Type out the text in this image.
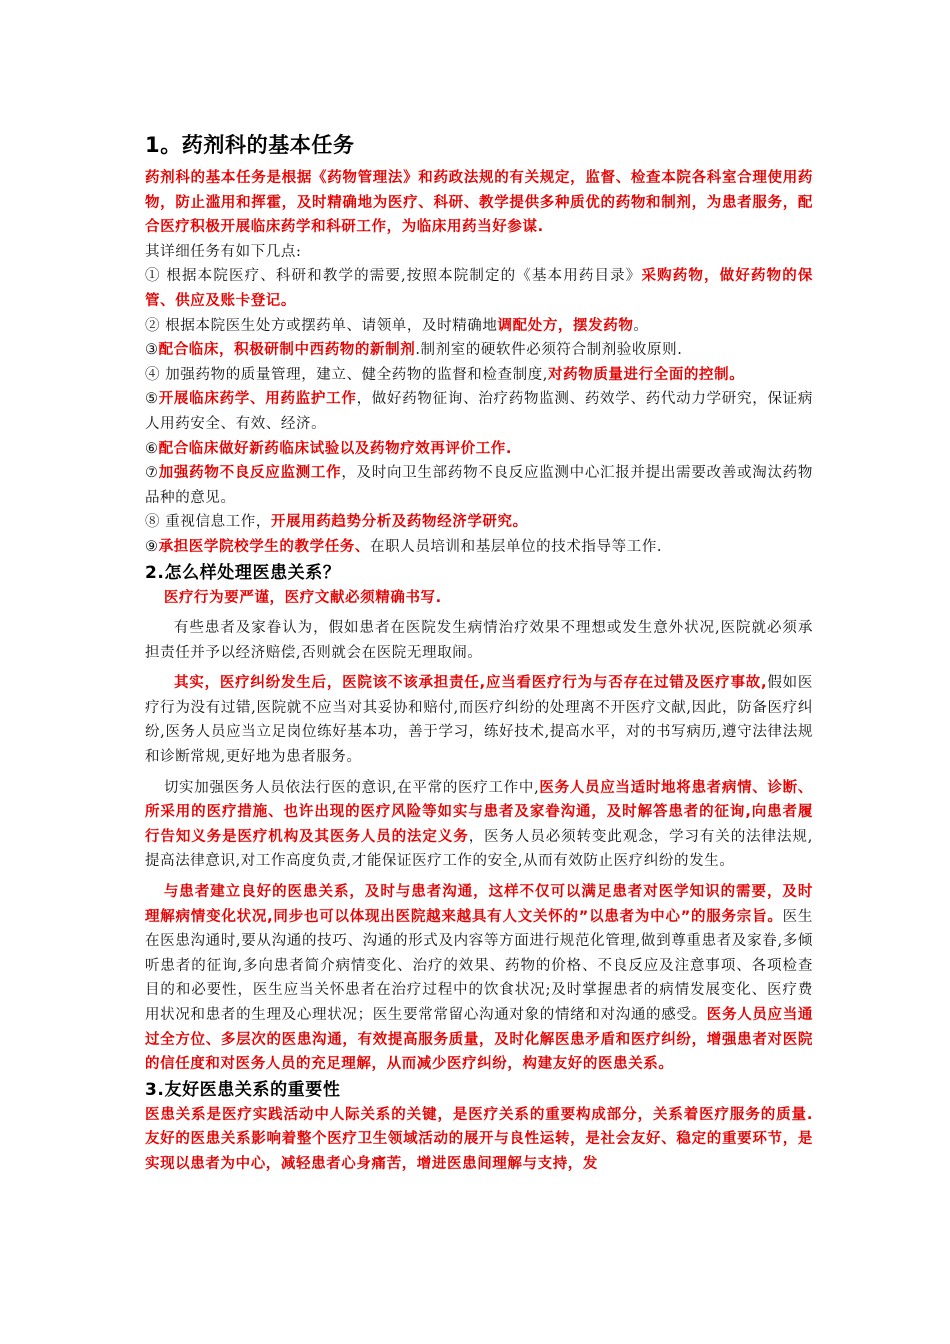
1。药剂科的基本任务

药剂科的基本任务是根据《药物管理法》和药政法规的有关规定，监督、检查本院各科室合理使用药物，防止滥用和挥霍，及时精确地为医疗、科研、教学提供多种质优的药物和制剂，为患者服务，配合医疗积极开展临床药学和科研工作，为临床用药当好参谋.

其详细任务有如下几点:

① 根据本院医疗、科研和教学的需要,按照本院制定的《基本用药目录》采购药物，做好药物的保管、供应及账卡登记。

② 根据本院医生处方或摆药单、请领单，及时精确地调配处方，摆发药物。

③配合临床，积极研制中西药物的新制剂.制剂室的硬软件必须符合制剂验收原则.

④ 加强药物的质量管理，建立、健全药物的监督和检查制度,对药物质量进行全面的控制。

⑤开展临床药学、用药监护工作，做好药物征询、治疗药物监测、药效学、药代动力学研究，保证病人用药安全、有效、经济。

⑥配合临床做好新药临床试验以及药物疗效再评价工作.

⑦加强药物不良反应监测工作，及时向卫生部药物不良反应监测中心汇报并提出需要改善或淘汰药物品种的意见。

⑧ 重视信息工作，开展用药趋势分析及药物经济学研究。

⑨承担医学院校学生的教学任务、在职人员培训和基层单位的技术指导等工作.

2.怎么样处理医患关系？

医疗行为要严谨，医疗文献必须精确书写.

有些患者及家眷认为，假如患者在医院发生病情治疗效果不理想或发生意外状况,医院就必须承担责任并予以经济赔偿,否则就会在医院无理取闹。

其实，医疗纠纷发生后，医院该不该承担责任,应当看医疗行为与否存在过错及医疗事故,假如医疗行为没有过错,医院就不应当对其妥协和赔付,而医疗纠纷的处理离不开医疗文献,因此，防备医疗纠纷,医务人员应当立足岗位练好基本功，善于学习，练好技术,提高水平，对的书写病历,遵守法律法规和诊断常规,更好地为患者服务。

切实加强医务人员依法行医的意识,在平常的医疗工作中,医务人员应当适时地将患者病情、诊断、所采用的医疗措施、也许出现的医疗风险等如实与患者及家眷沟通，及时解答患者的征询,向患者履行告知义务是医疗机构及其医务人员的法定义务，医务人员必须转变此观念，学习有关的法律法规,提高法律意识,对工作高度负责,才能保证医疗工作的安全,从而有效防止医疗纠纷的发生。

与患者建立良好的医患关系，及时与患者沟通，这样不仅可以满足患者对医学知识的需要，及时理解病情变化状况,同步也可以体现出医院越来越具有人文关怀的”以患者为中心”的服务宗旨。医生在医患沟通时,要从沟通的技巧、沟通的形式及内容等方面进行规范化管理,做到尊重患者及家眷,多倾听患者的征询,多向患者简介病情变化、治疗的效果、药物的价格、不良反应及注意事项、各项检查目的和必要性，医生应当关怀患者在治疗过程中的饮食状况;及时掌握患者的病情发展变化、医疗费用状况和患者的生理及心理状况；医生要常常留心沟通对象的情绪和对沟通的感受。医务人员应当通过全方位、多层次的医患沟通，有效提高服务质量，及时化解医患矛盾和医疗纠纷，增强患者对医院的信任度和对医务人员的充足理解，从而减少医疗纠纷，构建友好的医患关系。

3.友好医患关系的重要性

医患关系是医疗实践活动中人际关系的关键，是医疗关系的重要构成部分，关系着医疗服务的质量.友好的医患关系影响着整个医疗卫生领域活动的展开与良性运转，是社会友好、稳定的重要环节，是实现以患者为中心，减轻患者心身痛苦，增进医患间理解与支持，发
